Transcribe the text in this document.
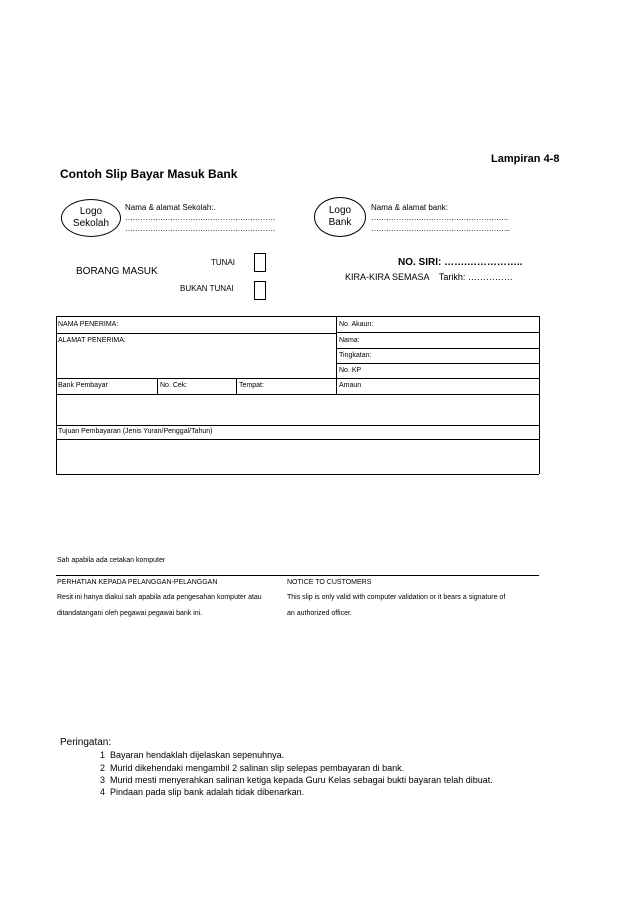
Lampiran 4-8
Contoh Slip Bayar Masuk Bank
Logo
Sekolah
Nama & alamat Sekolah:.
……………………………………………………
……………………………………………………
Logo
Bank
Nama & alamat bank:
……………………………………………….
………………………………………………..
BORANG MASUK
TUNAI
BUKAN TUNAI
NO. SIRI: …….……………..
KIRA-KIRA SEMASA    Tarikh: ……………
NAMA PENERIMA:	No. Akaun:
ALAMAT PENERIMA:	Nama:
Tingkatan:
No. KP
Bank Pembayar	No. Cek:	Tempat:	Amaun
Tujuan Pembayaran (Jenis Yuran/Penggal/Tahun)
Sah apabila ada cetakan komputer
PERHATIAN KEPADA PELANGGAN-PELANGGAN
Resit ini hanya diakui sah apabila ada pengesahan komputer atau
ditandatangani oleh pegawai pegawai bank ini.
NOTICE TO CUSTOMERS
This slip is only valid with computer validation or it bears a signature of
an authorized officer.
Peringatan:
1 Bayaran hendaklah dijelaskan sepenuhnya.
2 Murid dikehendaki mengambil 2 salinan slip selepas pembayaran di bank.
3 Murid mesti menyerahkan salinan ketiga kepada Guru Kelas sebagai bukti bayaran telah dibuat.
4 Pindaan pada slip bank adalah tidak dibenarkan.
